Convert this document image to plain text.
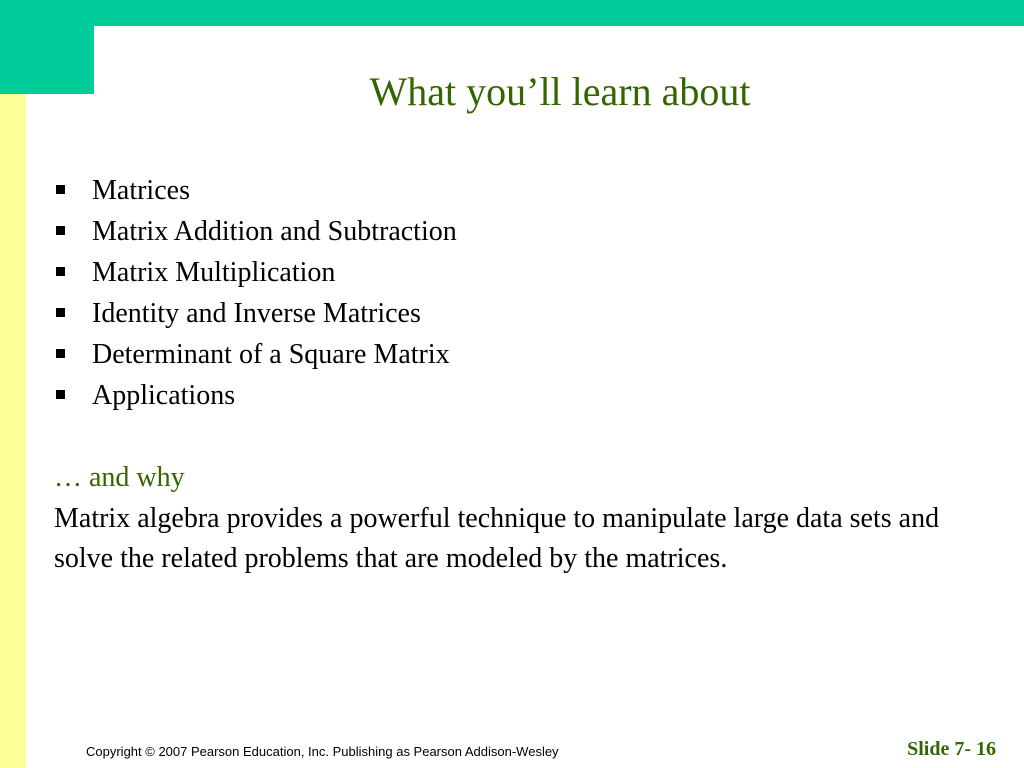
What you’ll learn about
Matrices
Matrix Addition and Subtraction
Matrix Multiplication
Identity and Inverse Matrices
Determinant of a Square Matrix
Applications
… and why
Matrix algebra provides a powerful technique to manipulate large data sets and solve the related problems that are modeled by the matrices.
Copyright © 2007 Pearson Education, Inc. Publishing as Pearson Addison-Wesley	Slide 7- 16
